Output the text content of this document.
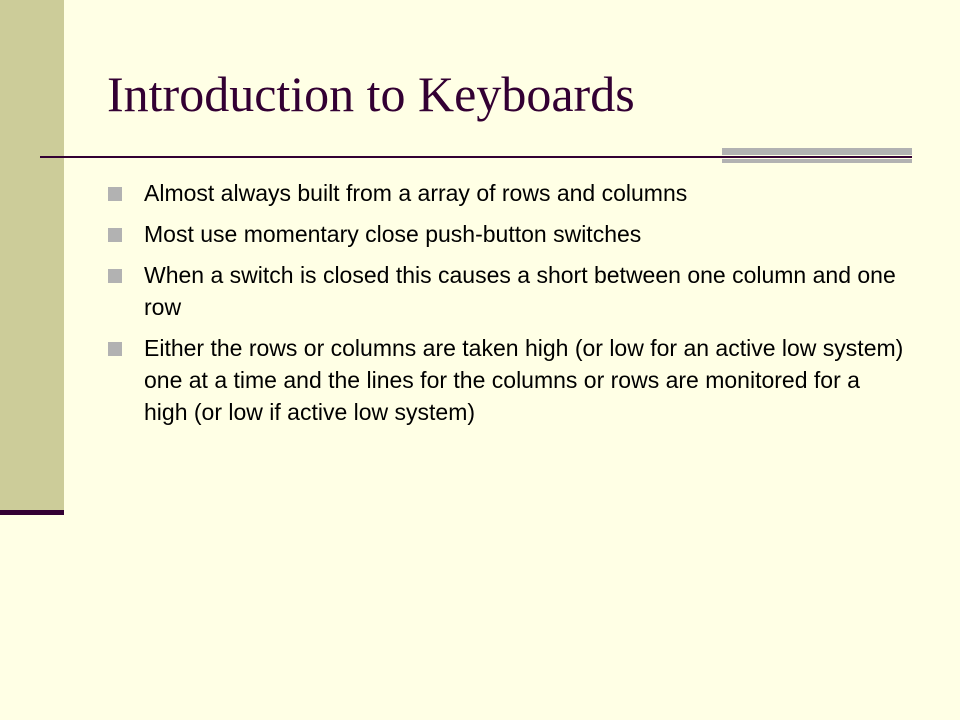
Introduction to Keyboards
Almost always built from a array of rows and columns
Most use momentary close push-button switches
When a switch is closed this causes a short between one column and one row
Either the rows or columns are taken high (or low for an active low system) one at a time and the lines for the columns or rows are monitored for a high (or low if active low system)
